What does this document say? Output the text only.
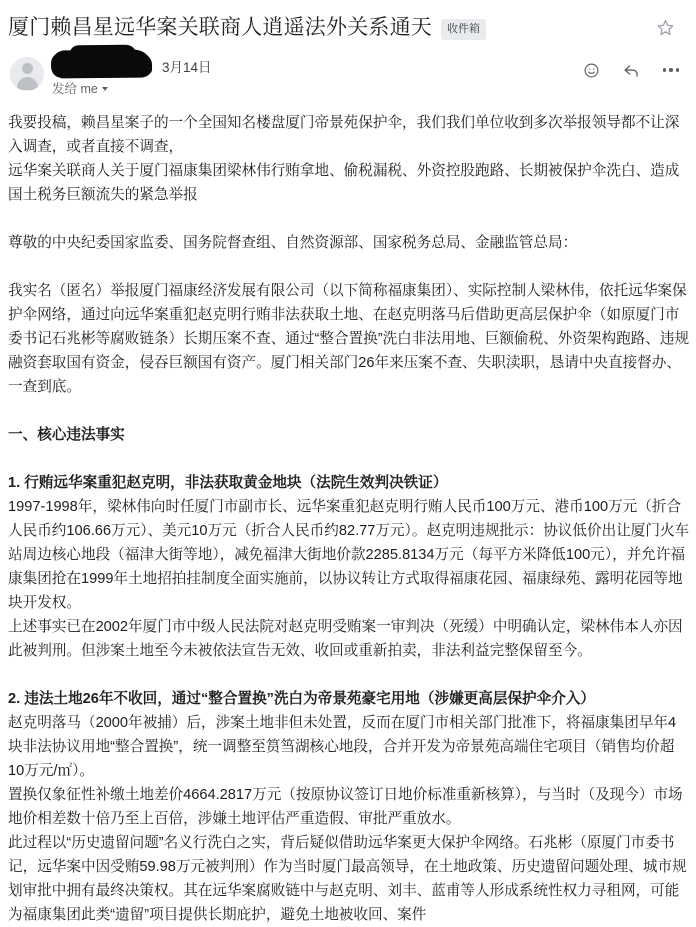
厦门赖昌星远华案关联商人逍遥法外关系通天	收件箱
3月14日
发给 me

我要投稿，赖昌星案子的一个全国知名楼盘厦门帝景苑保护伞，我们我们单位收到多次举报领导都不让深入调查，或者直接不调查，

远华案关联商人关于厦门福康集团梁林伟行贿拿地、偷税漏税、外资控股跑路、长期被保护伞洗白、造成国土税务巨额流失的紧急举报

尊敬的中央纪委国家监委、国务院督查组、自然资源部、国家税务总局、金融监管总局：

我实名（匿名）举报厦门福康经济发展有限公司（以下简称福康集团）、实际控制人梁林伟，依托远华案保护伞网络，通过向远华案重犯赵克明行贿非法获取土地、在赵克明落马后借助更高层保护伞（如原厦门市委书记石兆彬等腐败链条）长期压案不查、通过“整合置换”洗白非法用地、巨额偷税、外资架构跑路、违规融资套取国有资金，侵吞巨额国有资产。厦门相关部门26年来压案不查、失职渎职，恳请中央直接督办、一查到底。

一、核心违法事实

1. 行贿远华案重犯赵克明，非法获取黄金地块（法院生效判决铁证）

1997-1998年，梁林伟向时任厦门市副市长、远华案重犯赵克明行贿人民币100万元、港币100万元（折合人民币约106.66万元）、美元10万元（折合人民币约82.77万元）。赵克明违规批示：协议低价出让厦门火车站周边核心地段（福津大街等地），减免福津大街地价款2285.8134万元（每平方米降低100元），并允许福康集团抢在1999年土地招拍挂制度全面实施前，以协议转让方式取得福康花园、福康绿苑、露明花园等地块开发权。

上述事实已在2002年厦门市中级人民法院对赵克明受贿案一审判决（死缓）中明确认定，梁林伟本人亦因此被判刑。但涉案土地至今未被依法宣告无效、收回或重新拍卖，非法利益完整保留至今。

2. 违法土地26年不收回，通过“整合置换”洗白为帝景苑豪宅用地（涉嫌更高层保护伞介入）

赵克明落马（2000年被捕）后，涉案土地非但未处置，反而在厦门市相关部门批准下，将福康集团早年4块非法协议用地“整合置换”，统一调整至筼筜湖核心地段，合并开发为帝景苑高端住宅项目（销售均价超10万元/㎡）。

置换仅象征性补缴土地差价4664.2817万元（按原协议签订日地价标准重新核算），与当时（及现今）市场地价相差数十倍乃至上百倍，涉嫌土地评估严重造假、审批严重放水。

此过程以“历史遗留问题”名义行洗白之实，背后疑似借助远华案更大保护伞网络。石兆彬（原厦门市委书记，远华案中因受贿59.98万元被判刑）作为当时厦门最高领导，在土地政策、历史遗留问题处理、城市规划审批中拥有最终决策权。其在远华案腐败链中与赵克明、刘丰、蓝甫等人形成系统性权力寻租网，可能为福康集团此类“遗留”项目提供长期庇护，避免土地被收回、案件
